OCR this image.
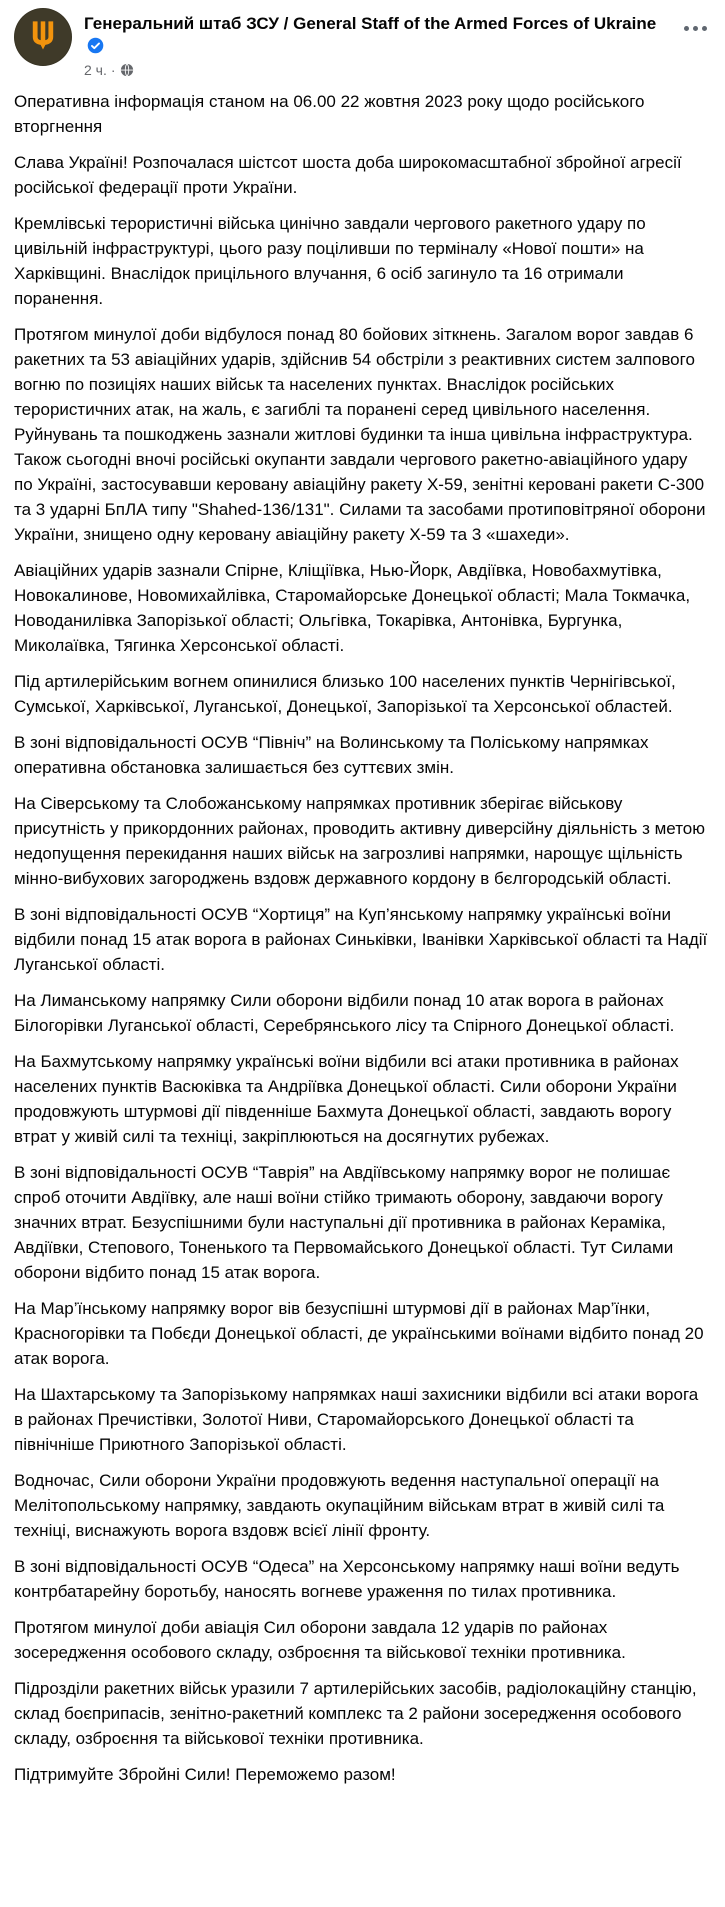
Генеральний штаб ЗСУ / General Staff of the Armed Forces of Ukraine
2 ч. ·

Оперативна інформація станом на 06.00 22 жовтня 2023 року щодо російського вторгнення

Слава Україні! Розпочалася шістсот шоста доба широкомасштабної збройної агресії російської федерації проти України.

Кремлівські терористичні війська цинічно завдали чергового ракетного удару по цивільній інфраструктурі, цього разу поціливши по терміналу «Нової пошти» на Харківщині. Внаслідок прицільного влучання, 6 осіб загинуло та 16 отримали поранення.

Протягом минулої доби відбулося понад 80 бойових зіткнень. Загалом ворог завдав 6 ракетних та 53 авіаційних ударів, здійснив 54 обстріли з реактивних систем залпового вогню по позиціях наших військ та населених пунктах. Внаслідок російських терористичних атак, на жаль, є загиблі та поранені серед цивільного населення. Руйнувань та пошкоджень зазнали житлові будинки та інша цивільна інфраструктура. Також сьогодні вночі російські окупанти завдали чергового ракетно-авіаційного удару по Україні, застосувавши керовану авіаційну ракету Х-59, зенітні керовані ракети С-300 та 3 ударні БпЛА типу "Shahed-136/131". Силами та засобами протиповітряної оборони України, знищено одну керовану авіаційну ракету Х-59 та 3 «шахеди».

Авіаційних ударів зазнали Спірне, Кліщіївка, Нью-Йорк, Авдіївка, Новобахмутівка, Новокалинове, Новомихайлівка, Старомайорське Донецької області; Мала Токмачка, Новоданилівка Запорізької області; Ольгівка, Токарівка, Антонівка, Бургунка, Миколаївка, Тягинка Херсонської області.

Під артилерійським вогнем опинилися близько 100 населених пунктів Чернігівської, Сумської, Харківської, Луганської, Донецької, Запорізької та Херсонської областей.

В зоні відповідальності ОСУВ “Північ” на Волинському та Поліському напрямках оперативна обстановка залишається без суттєвих змін.

На Сіверському та Слобожанському напрямках противник зберігає військову присутність у прикордонних районах, проводить активну диверсійну діяльність з метою недопущення перекидання наших військ на загрозливі напрямки, нарощує щільність мінно-вибухових загороджень вздовж державного кордону в бєлгородській області.

В зоні відповідальності ОСУВ “Хортиця” на Куп’янському напрямку українські воїни відбили понад 15 атак ворога в районах Синьківки, Іванівки Харківської області та Надії Луганської області.

На Лиманському напрямку Сили оборони відбили понад 10 атак ворога в районах Білогорівки Луганської області, Серебрянського лісу та Спірного Донецької області.

На Бахмутському напрямку українські воїни відбили всі атаки противника в районах населених пунктів Васюківка та Андріївка Донецької області. Сили оборони України продовжують штурмові дії південніше Бахмута Донецької області, завдають ворогу втрат у живій силі та техніці, закріплюються на досягнутих рубежах.

В зоні відповідальності ОСУВ “Таврія” на Авдіївському напрямку ворог не полишає спроб оточити Авдіївку, але наші воїни стійко тримають оборону, завдаючи ворогу значних втрат. Безуспішними були наступальні дії противника в районах Кераміка, Авдіївки, Степового, Тоненького та Первомайського Донецької області. Тут Силами оборони відбито понад 15 атак ворога.

На Мар’їнському напрямку ворог вів безуспішні штурмові дії в районах Мар’їнки, Красногорівки та Побєди Донецької області, де українськими воїнами відбито понад 20 атак ворога.

На Шахтарському та Запорізькому напрямках наші захисники відбили всі атаки ворога в районах Пречистівки, Золотої Ниви, Старомайорського Донецької області та північніше Приютного Запорізької області.

Водночас, Сили оборони України продовжують ведення наступальної операції на Мелітопольському напрямку, завдають окупаційним військам втрат в живій силі та техніці, виснажують ворога вздовж всієї лінії фронту.

В зоні відповідальності ОСУВ “Одеса” на Херсонському напрямку наші воїни ведуть контрбатарейну боротьбу, наносять вогневе ураження по тилах противника.

Протягом минулої доби авіація Сил оборони завдала 12 ударів по районах зосередження особового складу, озброєння та військової техніки противника.

Підрозділи ракетних військ уразили 7 артилерійських засобів, радіолокаційну станцію, склад боєприпасів, зенітно-ракетний комплекс та 2 райони зосередження особового складу, озброєння та військової техніки противника.

Підтримуйте Збройні Сили! Переможемо разом!
